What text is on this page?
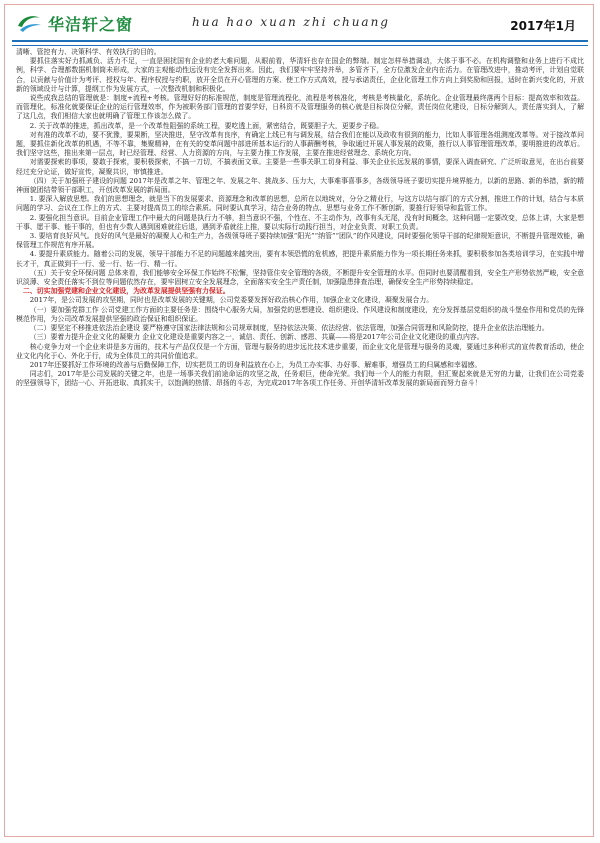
华洁轩之窗	hua hao xuan zhi chuang	2017年1月

清晰、管控有力、决策科学、有效执行的目的。

要抓住落实好力抓减负、活力不足，一直是困扰国有企业的老大难问题，从眼前看，华清轩也存在国企的弊端。制定怎样举措调动，大体于事不必。在机构调整和业务上进行不成比例，科学、合理都数据机制筒未形成，大家的主观能动性远没有完全发挥出来。因此，我们要牢牢坚持并举，多管齐下，全方位激发企业内在活力。在管理改进中，推动考评，计划自觉联合，以贡献与价值计为考评、授权与年、程序权授与约职，放开全员在开心管理的方案、使工作方式高效，授与承诺责任，企业化管理工作方向上到奖励和回报，适时在新兴变化的，开放新的领域设计与计算，提纲工作为发展方式，一次整改机制和积极化。

说些成我总结的管理就是：制度+流程+考核。管理好好的标准规范，制度是管理流程化，流程是考核准化，考核是考核量化，系统化。企业管理最终落两个目标：提高效率和效益。而管理化，标准化就要保证企业的运行管理效率，作为被职务部门管理的首要学好，日科资不及管理服务的核心就是目标岗位分解，责任岗位化建设，日标分解到人，责任落实到人，了解了这几点，我们相信大家也就明确了管理工作该怎么做了。

2. 关于改革的推进，抓出改革，是一个改革性阻强的系统工程，要吃透上面，紧密结合，既要胆子大，更要步子稳。

对有准的改革不动，要不犹豫，要果断，坚决推进，坚守改革有良序，有确定上线已有与调发展，结合我们在能以及政收有很到的能力，比如人事管理各组测度改革等。对于接改革问题，要抓住新化改革的机遇，不等不靠，集聚精神，在有关的变革问题中部进所基本运行的人事薪酬考核，争取通过开展人事发展的政策，推行以人事管理管理改革，要明推进的改革后。我们坚守这些，推出来第一层点，时已经管理、经营、人力资源的方向，与主要力推工作发展，主要在推进经营理念、系统化方向。

对需要探索的事项，要敢于探索，要积极探索，不搞一刀切，不搞表面文章。主要是一些事关职工切身利益、事关企业长远发展的事情，要深入调查研究、广泛听取意见，在出台前要经过充分论证，做好宣传，凝聚共识，审慎推进。

（四）关于加强班子建设的问题 2017年是改革之年、管理之年、发展之年、挑战多、压力大，大事难事喜事多，各级领导班子要切实提升境界能力，以新的思路、新的举措，新的精神面貌团结带领干部职工，开创改革发展的新局面。

1. 要深入解放思想。我们的思想理念，就是当下的发展要求、资源理念和改革的思想，总所在以地统对，分分之精业行，与这方以结与部门的方式分割，推进工作的计划，结合与本质问题的学习、会议在工作上的方式、主要对提高员工的综合素质。同时要认真学习，结合业务的特点、思想与业务工作不断创新，要推行好领导和监管工作。

2. 要强化担当意识。目前企业管理工作中最大的问题是执行力不够，担当意识不强，个性在、不主动作为，改事有头无尾，没有时间概念，这种问题一定要改变，总体上讲，大家是想干事、愿干事、能干事的，但也有少数人遇到困难就往后退，遇到矛盾就往上推，要以实际行动践行担当，对企业负责、对职工负责。

3. 要培育良好风气。良好的风气是最好的凝聚人心和生产力，各级领导班子要持续加强“阳光”“纳管”“团队”的作风建设，同时要强化领导干部的纪律规矩意识，不断提升管理效能，确保管理工作规范有序开展。

4. 要提升素质能力。随着公司的发展，领导干部能力不足的问题越来越突出，要有本领恐慌的危机感，把提升素质能力作为一项长期任务来抓，要积极参加各类培训学习，在实践中增长才干，真正做到干一行、爱一行、钻一行、精一行。

（五）关于安全环保问题 总体来看，我们能够安全环保工作始终不松懈，坚持管住安全管理的各级，不断提升安全管理的水平。但同时也要清醒看到，安全生产形势依然严峻，安全意识淡薄、安全责任落实不到位等问题依然存在，要牢固树立安全发展理念，全面落实安全生产责任制，加强隐患排查治理，确保安全生产形势持续稳定。

二、切实加强党建和企业文化建设，为改革发展提供坚强有力保证。

2017年，是公司发展的攻坚期，同时也是改革发展的关键期，公司党委要发挥好政治核心作用，加强企业文化建设，凝聚发展合力。

（一）要加强党群工作 公司党建工作方面的主要任务是：围绕中心服务大局，加强党的思想建设、组织建设、作风建设和制度建设，充分发挥基层党组织的战斗堡垒作用和党员的先锋模范作用，为公司改革发展提供坚强的政治保证和组织保证。

（二）要坚定不移推进依法治企建设 要严格遵守国家法律法规和公司规章制度，坚持依法决策、依法经营、依法管理，加强合同管理和风险防控，提升企业依法治理能力。

（三）要着力提升企业文化的凝聚力 企业文化建设是重要内容之一，诚信、责任、创新、感恩、共赢——将是2017年公司企业文化建设的重点内容。

核心竞争力对一个企业来讲是多方面的，技术与产品仅仅是一个方面，管理与服务的进步远比技术进步重要，而企业文化是管理与服务的灵魂，要通过多种形式的宣传教育活动，使企业文化内化于心、外化于行，成为全体员工的共同价值追求。

2017年还要抓好工作环境的改善与后勤保障工作，切实把员工的切身利益放在心上，为员工办实事、办好事、解难事，增强员工的归属感和幸福感。

同志们，2017年是公司发展的关键之年，也是一场事关我们前途命运的攻坚之战，任务艰巨，使命光荣。我们每一个人的能力有限，但汇聚起来就是无穷的力量，让我们在公司党委的坚强领导下，团结一心、开拓进取、真抓实干，以饱满的热情、昂扬的斗志，为完成2017年各项工作任务、开创华清轩改革发展的新局面而努力奋斗！
